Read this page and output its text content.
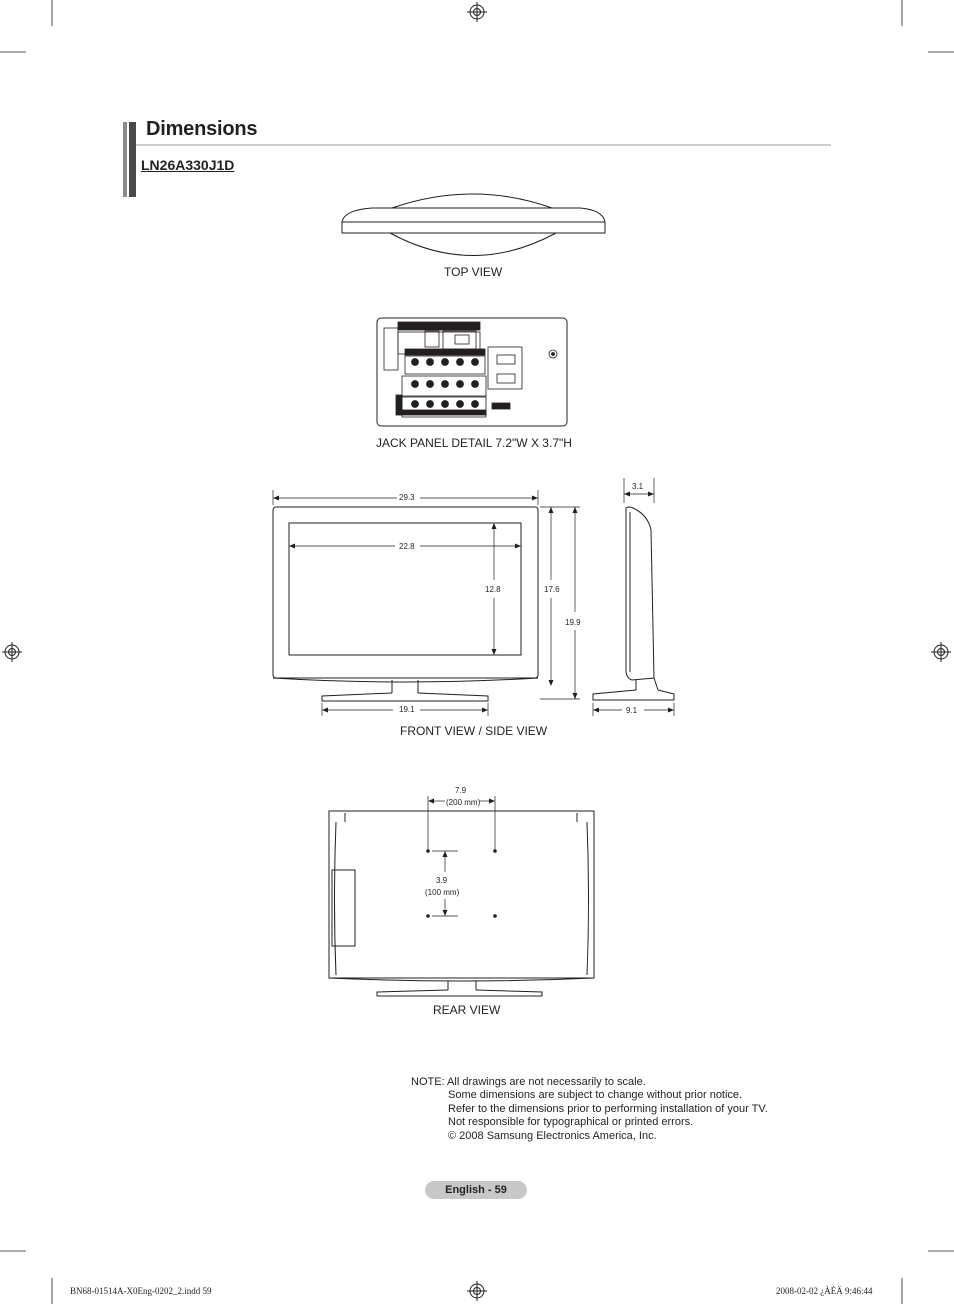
Dimensions
LN26A330J1D
TOP VIEW
JACK PANEL DETAIL 7.2"W X 3.7"H
FRONT VIEW / SIDE VIEW
REAR VIEW
29.3
22.8
12.8	17.6
19.9
19.1
3.1
9.1
7.9
(200 mm)
3.9
(100 mm)
NOTE: All drawings are not necessarily to scale.
Some dimensions are subject to change without prior notice.
Refer to the dimensions prior to performing installation of your TV.
Not responsible for typographical or printed errors.
© 2008 Samsung Electronics America, Inc.
English - 59
BN68-01514A-X0Eng-0202_2.indd 59	2008-02-02 ¿ÀÈÄ 9:46:44
